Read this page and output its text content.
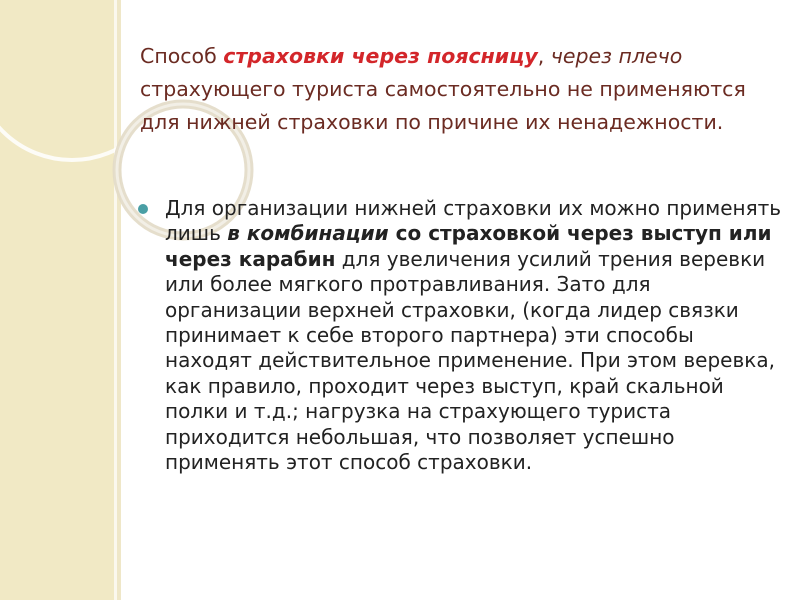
Способ страховки через поясницу, через плечо страхующего туриста самостоятельно не применяются для нижней страховки по причине их ненадежности.

Для организации нижней страховки их можно применять лишь в комбинации со страховкой через выступ или через карабин для увеличения усилий трения веревки или более мягкого протравливания. Зато для организации верхней страховки, (когда лидер связки принимает к себе второго партнера) эти способы находят действительное применение. При этом веревка, как правило, проходит через выступ, край скальной полки и т.д.; нагрузка на страхующего туриста приходится небольшая, что позволяет успешно применять этот способ страховки.
